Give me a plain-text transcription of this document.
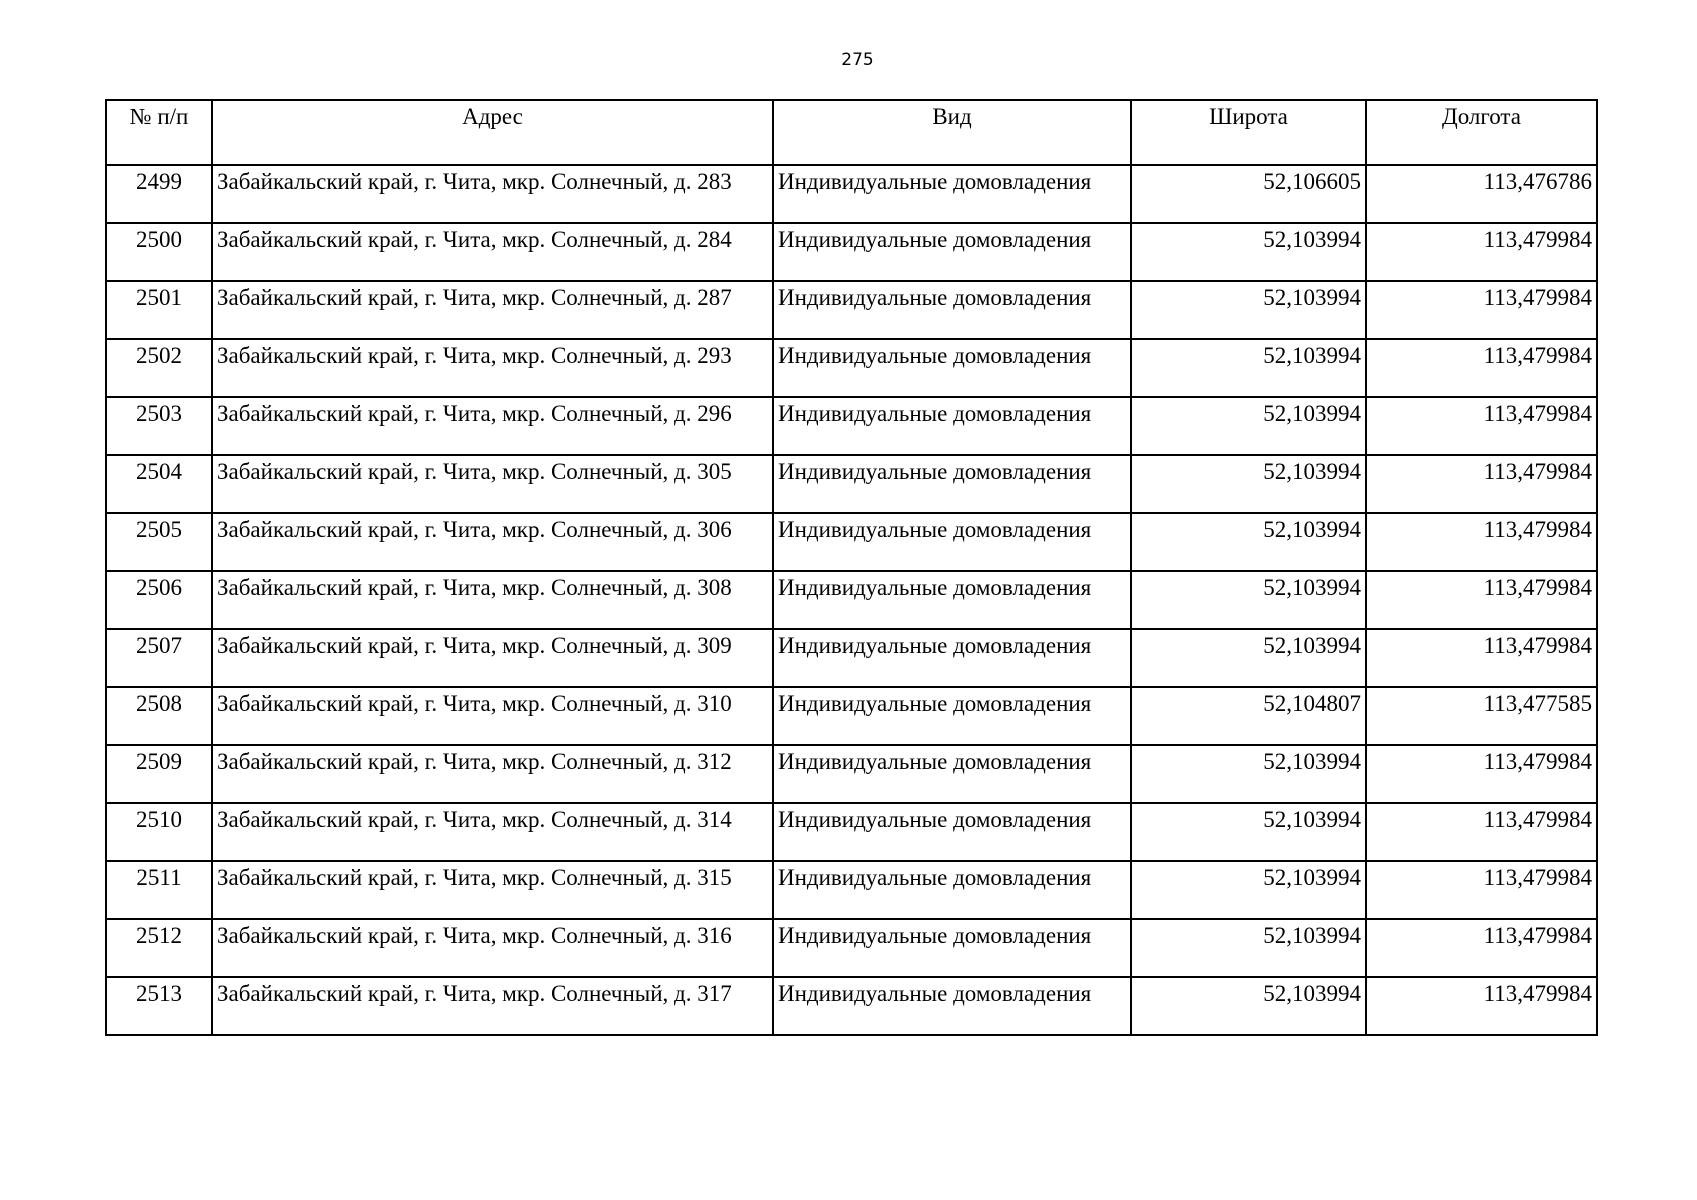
275
№ п/п	Адрес	Вид	Широта	Долгота
2499	Забайкальский край, г. Чита, мкр. Солнечный, д. 283	Индивидуальные домовладения	52,106605	113,476786
2500	Забайкальский край, г. Чита, мкр. Солнечный, д. 284	Индивидуальные домовладения	52,103994	113,479984
2501	Забайкальский край, г. Чита, мкр. Солнечный, д. 287	Индивидуальные домовладения	52,103994	113,479984
2502	Забайкальский край, г. Чита, мкр. Солнечный, д. 293	Индивидуальные домовладения	52,103994	113,479984
2503	Забайкальский край, г. Чита, мкр. Солнечный, д. 296	Индивидуальные домовладения	52,103994	113,479984
2504	Забайкальский край, г. Чита, мкр. Солнечный, д. 305	Индивидуальные домовладения	52,103994	113,479984
2505	Забайкальский край, г. Чита, мкр. Солнечный, д. 306	Индивидуальные домовладения	52,103994	113,479984
2506	Забайкальский край, г. Чита, мкр. Солнечный, д. 308	Индивидуальные домовладения	52,103994	113,479984
2507	Забайкальский край, г. Чита, мкр. Солнечный, д. 309	Индивидуальные домовладения	52,103994	113,479984
2508	Забайкальский край, г. Чита, мкр. Солнечный, д. 310	Индивидуальные домовладения	52,104807	113,477585
2509	Забайкальский край, г. Чита, мкр. Солнечный, д. 312	Индивидуальные домовладения	52,103994	113,479984
2510	Забайкальский край, г. Чита, мкр. Солнечный, д. 314	Индивидуальные домовладения	52,103994	113,479984
2511	Забайкальский край, г. Чита, мкр. Солнечный, д. 315	Индивидуальные домовладения	52,103994	113,479984
2512	Забайкальский край, г. Чита, мкр. Солнечный, д. 316	Индивидуальные домовладения	52,103994	113,479984
2513	Забайкальский край, г. Чита, мкр. Солнечный, д. 317	Индивидуальные домовладения	52,103994	113,479984
